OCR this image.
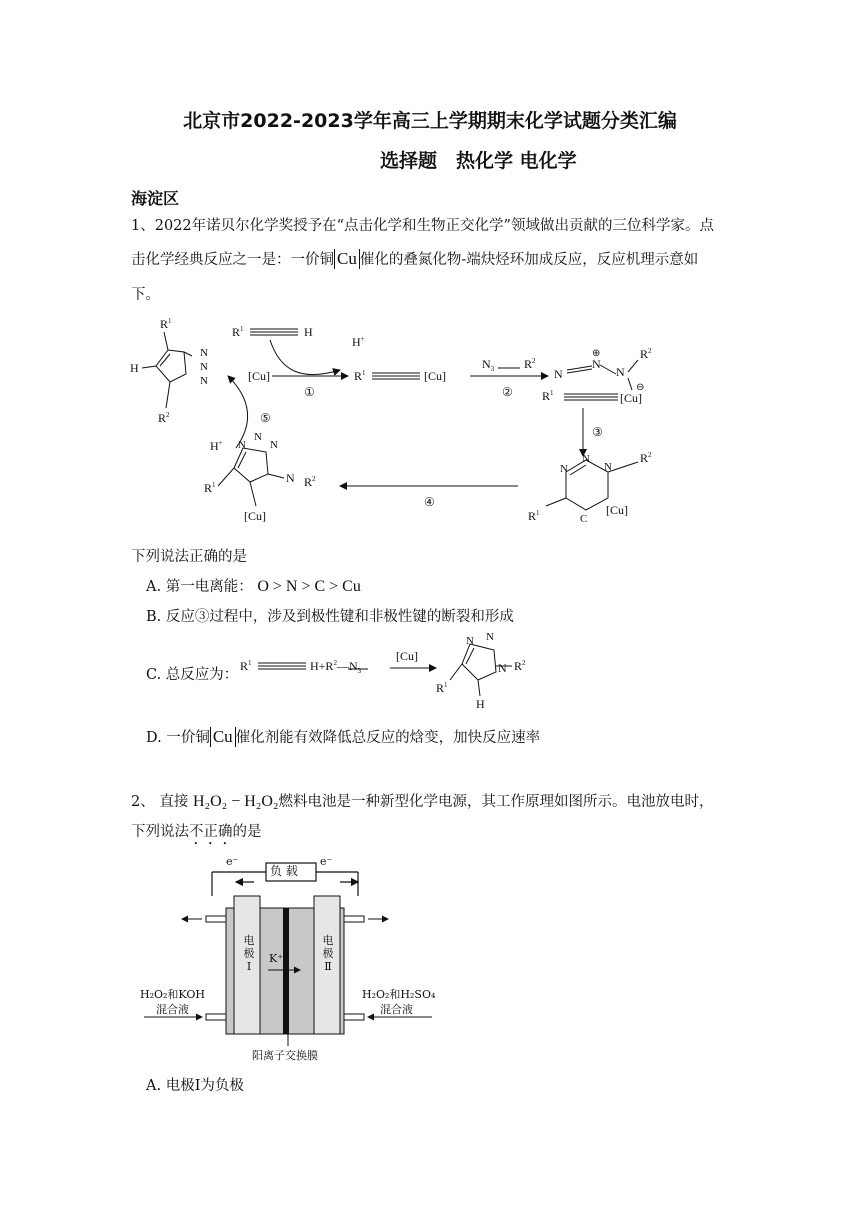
北京市2022-2023学年高三上学期期末化学试题分类汇编
选择题　热化学 电化学
海淀区
1、2022年诺贝尔化学奖授予在“点击化学和生物正交化学”领域做出贡献的三位科学家。点
击化学经典反应之一是：一价铜 Cu 催化的叠氮化物-端炔烃环加成反应，反应机理示意如
下。
$R^1$
N
N
N
H
$R^2$
$R^1$	H
H+
[Cu]
①
$R^1$	[Cu]
$N_3$ $R^2$
②
N
N
⊕
N
$R^2$
⊖
$R^1$	[Cu]
③
N
N
N
$R^2$
$R^1$	C
[Cu]
④
N
N
N
N $R^2$
$R^1$
[Cu]
H+
⑤
下列说法正确的是
A. 第一电离能： O > N > C > Cu
B. 反应③过程中，涉及到极性键和非极性键的断裂和形成
C. 总反应为：
$R^1$	$H+R^2—N_3$
[Cu]
N N
N $R^2$
$R^1$
H
D. 一价铜 Cu 催化剂能有效降低总反应的焓变，加快反应速率
2、 直接 H₂O₂ − H₂O₂燃料电池是一种新型化学电源，其工作原理如图所示。电池放电时，
下列说法不正确的是
负 载
e⁻	e⁻
电
极
Ⅰ
电
极
Ⅱ
K⁺
H₂O₂和KOH
混合液
H₂O₂和H₂SO₄
混合液
阳离子交换膜
A. 电极Ⅰ为负极
